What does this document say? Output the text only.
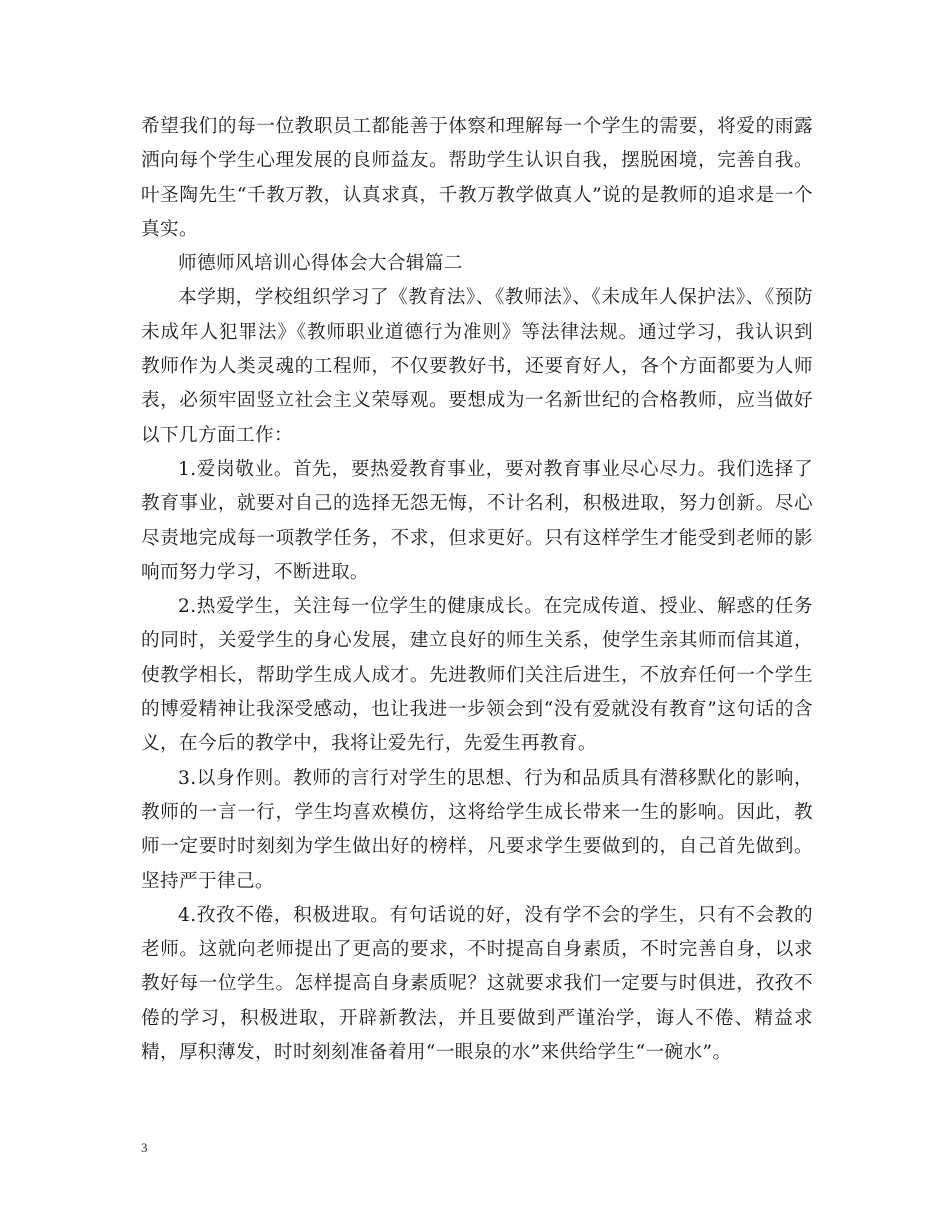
希望我们的每一位教职员工都能善于体察和理解每一个学生的需要，将爱的雨露洒向每个学生心理发展的良师益友。帮助学生认识自我，摆脱困境，完善自我。叶圣陶先生“千教万教，认真求真，千教万教学做真人”说的是教师的追求是一个真实。

师德师风培训心得体会大合辑篇二

本学期，学校组织学习了《教育法》、《教师法》、《未成年人保护法》、《预防未成年人犯罪法》《教师职业道德行为准则》等法律法规。通过学习，我认识到教师作为人类灵魂的工程师，不仅要教好书，还要育好人，各个方面都要为人师表，必须牢固竖立社会主义荣辱观。要想成为一名新世纪的合格教师，应当做好以下几方面工作：

1.爱岗敬业。首先，要热爱教育事业，要对教育事业尽心尽力。我们选择了教育事业，就要对自己的选择无怨无悔，不计名利，积极进取，努力创新。尽心尽责地完成每一项教学任务，不求，但求更好。只有这样学生才能受到老师的影响而努力学习，不断进取。

2.热爱学生，关注每一位学生的健康成长。在完成传道、授业、解惑的任务的同时，关爱学生的身心发展，建立良好的师生关系，使学生亲其师而信其道，使教学相长，帮助学生成人成才。先进教师们关注后进生，不放弃任何一个学生的博爱精神让我深受感动，也让我进一步领会到“没有爱就没有教育”这句话的含义，在今后的教学中，我将让爱先行，先爱生再教育。

3.以身作则。教师的言行对学生的思想、行为和品质具有潜移默化的影响，教师的一言一行，学生均喜欢模仿，这将给学生成长带来一生的影响。因此，教师一定要时时刻刻为学生做出好的榜样，凡要求学生要做到的，自己首先做到。坚持严于律己。

4.孜孜不倦，积极进取。有句话说的好，没有学不会的学生，只有不会教的老师。这就向老师提出了更高的要求，不时提高自身素质，不时完善自身，以求教好每一位学生。怎样提高自身素质呢？这就要求我们一定要与时俱进，孜孜不倦的学习，积极进取，开辟新教法，并且要做到严谨治学，诲人不倦、精益求精，厚积薄发，时时刻刻准备着用“一眼泉的水”来供给学生“一碗水”。

3
